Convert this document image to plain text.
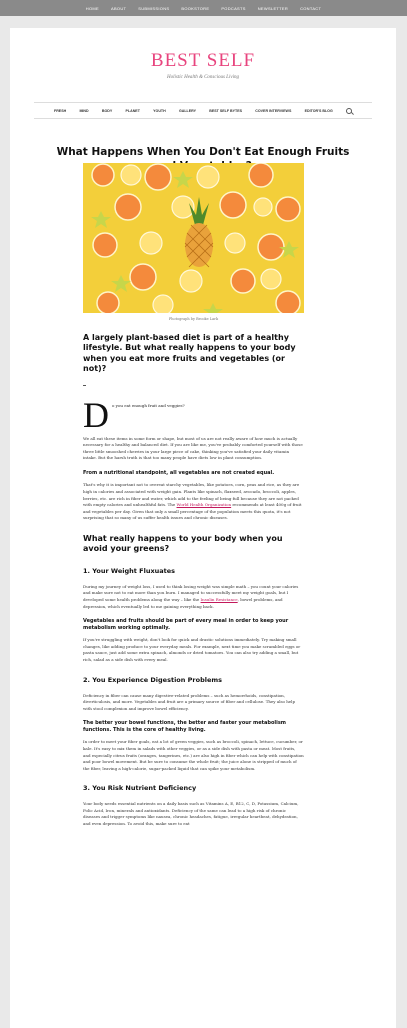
HOME	ABOUT	SUBMISSIONS	BOOKSTORE	PODCASTS	NEWSLETTER	CONTACT
BEST SELF
Holistic Health & Conscious Living
FRESH	MIND	BODY	PLANET	YOUTH	GALLERY	BEST SELF BYTES	COVER INTERVIEWS	EDITOR'S BLOG
What Happens When You Don't Eat Enough Fruits
Photograph by Brooke Lark
A largely plant-based diet is part of a healthy lifestyle. But what really happens to your body when you eat more fruits and vegetables (or not)?
D o you eat enough fruit and veggies?

We all eat these items in some form or shape, but most of us are not really aware of how much is actually necessary for a healthy and balanced diet. If you are like me, you've probably comforted yourself with those three little smooshed cherries in your large piece of cake, thinking you've satisfied your daily vitamin intake. But the harsh truth is that too many people have diets low in plant consumption.

From a nutritional standpoint, all vegetables are not created equal.

That's why it is important not to overeat starchy vegetables, like potatoes, corn, peas and rice, as they are high in calories and associated with weight gain. Plants like spinach, flaxseed, avocado, broccoli, apples, berries, etc. are rich in fiber and water, which add to the feeling of being full because they are not packed with empty calories and unhealthful fats. The World Health Organization recommends at least 400g of fruit and vegetables per day. Given that only a small percentage of the population meets this quota, it's not surprising that so many of us suffer health issues and chronic diseases.

What really happens to your body when you avoid your greens?
1. Your Weight Fluxuates

During my journey of weight loss, I used to think losing weight was simple math – you count your calories and make sure not to eat more than you burn. I managed to successfully meet my weight goals, but I developed some health problems along the way – like the Insulin Resistance, bowel problems, and depression, which eventually led to me gaining everything back.

Vegetables and fruits should be part of every meal in order to keep your metabolism working optimally.

If you're struggling with weight, don't look for quick and drastic solutions immediately. Try making small changes, like adding produce to your everyday meals. For example, next time you make scrambled eggs or pasta sauce, just add some extra spinach, almonds or dried tomatoes. You can also try adding a small, but rich, salad as a side dish with every meal.

2. You Experience Digestion Problems

Deficiency in fiber can cause many digestive-related problems – such as hemorrhoids, constipation, diverticulosis, and more. Vegetables and fruit are a primary source of fiber and cellulose. They also help with stool complexion and improve bowel efficiency.

The better your bowel functions, the better and faster your metabolism functions. This is the core of healthy living.

In order to meet your fiber goals, eat a lot of green veggies, such as broccoli, spinach, lettuce, cucumber, or kale. It's easy to mix them in salads with other veggies, or as a side dish with pasta or meat. Most fruits, and especially citrus fruits (oranges, tangerines, etc.) are also high in fiber which can help with constipation and poor bowel movement. But be sure to consume the whole fruit; the juice alone is stripped of much of the fiber, leaving a high-calorie, sugar-packed liquid that can spike your metabolism.

3. You Risk Nutrient Deficiency

Your body needs essential nutrients on a daily basis such as Vitamins A, E, B12, C, D, Potassium, Calcium, Folic Acid, Iron, minerals and antioxidants. Deficiency of the same can lead to a high risk of chronic diseases and trigger symptoms like nausea, chronic headaches, fatigue, irregular heartbeat, dehydration, and even depression. To avoid this, make sure to eat
